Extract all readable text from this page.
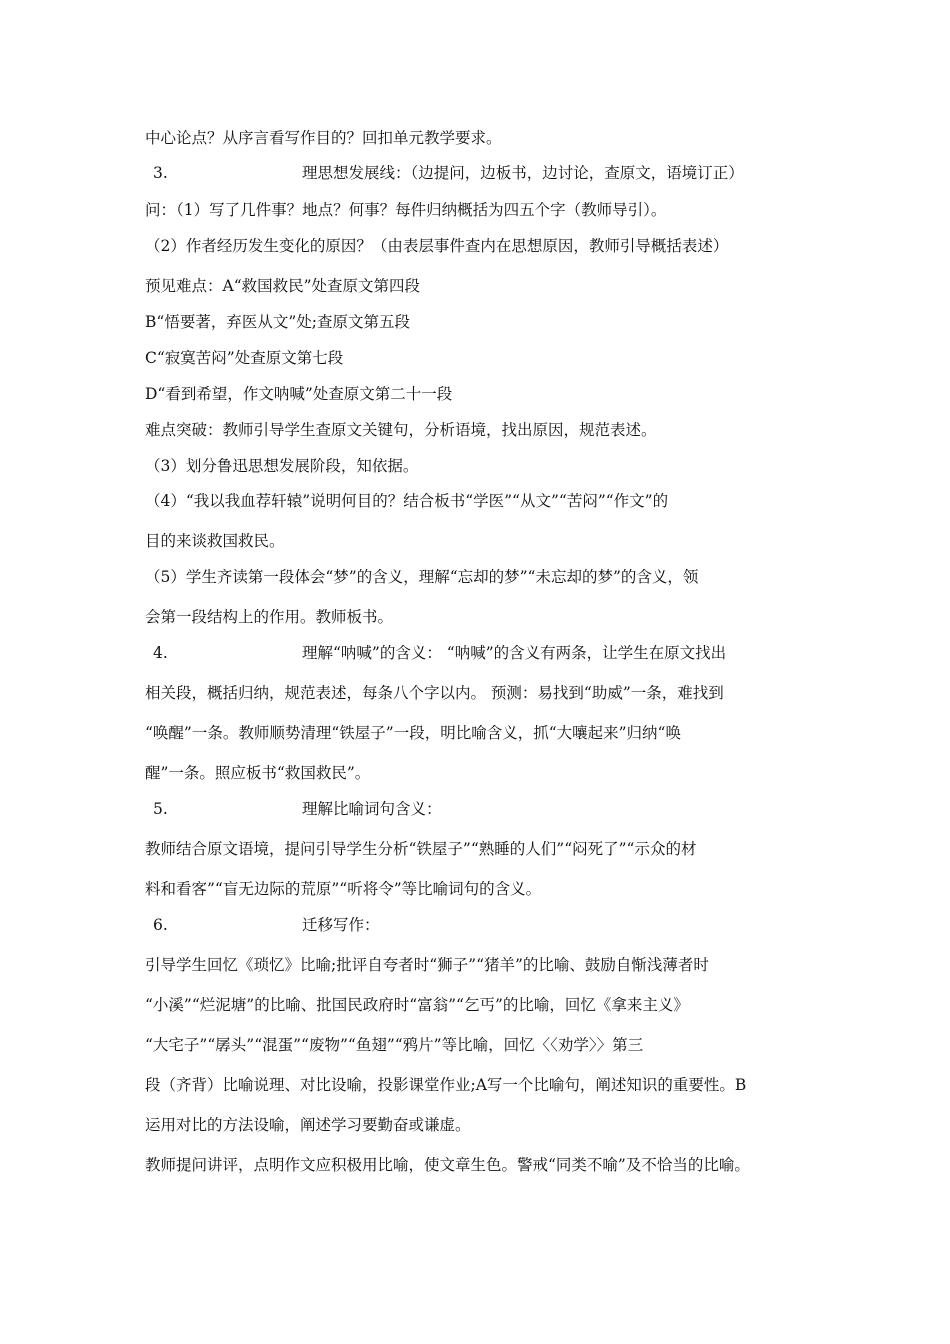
中心论点？从序言看写作目的？回扣单元教学要求。
3.	理思想发展线：（边提问，边板书，边讨论，查原文，语境订正）
问：（1）写了几件事？地点？何事？每件归纳概括为四五个字（教师导引）。
（2）作者经历发生变化的原因？（由表层事件查内在思想原因，教师引导概括表述）
预见难点：A“救国救民”处查原文第四段
B“悟要著，弃医从文”处;查原文第五段
C“寂寞苦闷”处查原文第七段
D“看到希望，作文呐喊”处查原文第二十一段
难点突破：教师引导学生查原文关键句，分析语境，找出原因，规范表述。
（3）划分鲁迅思想发展阶段，知依据。
（4）“我以我血荐轩辕”说明何目的？结合板书“学医”“从文”“苦闷”“作文”的
目的来谈救国救民。
（5）学生齐读第一段体会“梦”的含义，理解“忘却的梦”“未忘却的梦”的含义，领
会第一段结构上的作用。教师板书。
4.	理解“呐喊”的含义： “呐喊”的含义有两条，让学生在原文找出
相关段，概括归纳，规范表述，每条八个字以内。 预测：易找到“助威”一条，难找到
“唤醒”一条。教师顺势清理“铁屋子”一段，明比喻含义，抓“大嚷起来”归纳“唤
醒”一条。照应板书“救国救民”。
5.	理解比喻词句含义：
教师结合原文语境，提问引导学生分析“铁屋子”“熟睡的人们”“闷死了”“示众的材
料和看客”“盲无边际的荒原”“听将令”等比喻词句的含义。
6.	迁移写作：
引导学生回忆《琐忆》比喻;批评自夸者时“狮子”“猪羊”的比喻、鼓励自惭浅薄者时
“小溪”“烂泥塘”的比喻、批国民政府时“富翁”“乞丐”的比喻，回忆《拿来主义》
“大宅子”“孱头”“混蛋”“废物”“鱼翅”“鸦片”等比喻，回忆〈〈劝学〉〉第三
段（齐背）比喻说理、对比设喻，投影课堂作业;A写一个比喻句，阐述知识的重要性。B
运用对比的方法设喻，阐述学习要勤奋或谦虚。
教师提问讲评，点明作文应积极用比喻，使文章生色。警戒“同类不喻”及不恰当的比喻。
